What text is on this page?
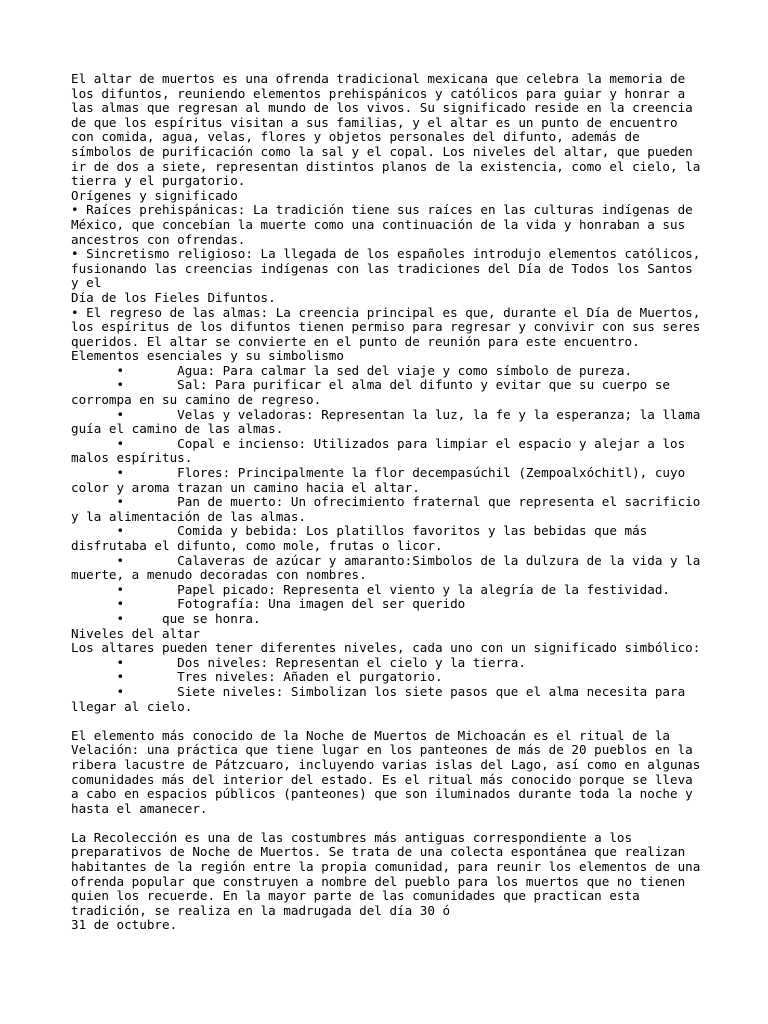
El altar de muertos es una ofrenda tradicional mexicana que celebra la memoria de
los difuntos, reuniendo elementos prehispánicos y católicos para guiar y honrar a
las almas que regresan al mundo de los vivos. Su significado reside en la creencia
de que los espíritus visitan a sus familias, y el altar es un punto de encuentro
con comida, agua, velas, flores y objetos personales del difunto, además de
símbolos de purificación como la sal y el copal. Los niveles del altar, que pueden
ir de dos a siete, representan distintos planos de la existencia, como el cielo, la
tierra y el purgatorio.
Orígenes y significado
• Raíces prehispánicas: La tradición tiene sus raíces en las culturas indígenas de
México, que concebían la muerte como una continuación de la vida y honraban a sus
ancestros con ofrendas.
• Sincretismo religioso: La llegada de los españoles introdujo elementos católicos,
fusionando las creencias indígenas con las tradiciones del Día de Todos los Santos
y el
Día de los Fieles Difuntos.
• El regreso de las almas: La creencia principal es que, durante el Día de Muertos,
los espíritus de los difuntos tienen permiso para regresar y convivir con sus seres
queridos. El altar se convierte en el punto de reunión para este encuentro.
Elementos esenciales y su simbolismo
•       Agua: Para calmar la sed del viaje y como símbolo de pureza.
•       Sal: Para purificar el alma del difunto y evitar que su cuerpo se
corrompa en su camino de regreso.
•       Velas y veladoras: Representan la luz, la fe y la esperanza; la llama
guía el camino de las almas.
•       Copal e incienso: Utilizados para limpiar el espacio y alejar a los
malos espíritus.
•       Flores: Principalmente la flor decempasúchil (Zempoalxóchitl), cuyo
color y aroma trazan un camino hacia el altar.
•       Pan de muerto: Un ofrecimiento fraternal que representa el sacrificio
y la alimentación de las almas.
•       Comida y bebida: Los platillos favoritos y las bebidas que más
disfrutaba el difunto, como mole, frutas o licor.
•       Calaveras de azúcar y amaranto:Simbolos de la dulzura de la vida y la
muerte, a menudo decoradas con nombres.
•       Papel picado: Representa el viento y la alegría de la festividad.
•       Fotografía: Una imagen del ser querido
•     que se honra.
Niveles del altar
Los altares pueden tener diferentes niveles, cada uno con un significado simbólico:
•       Dos niveles: Representan el cielo y la tierra.
•       Tres niveles: Añaden el purgatorio.
•       Siete niveles: Simbolizan los siete pasos que el alma necesita para
llegar al cielo.
El elemento más conocido de la Noche de Muertos de Michoacán es el ritual de la
Velación: una práctica que tiene lugar en los panteones de más de 20 pueblos en la
ribera lacustre de Pátzcuaro, incluyendo varias islas del Lago, así como en algunas
comunidades más del interior del estado. Es el ritual más conocido porque se lleva
a cabo en espacios públicos (panteones) que son iluminados durante toda la noche y
hasta el amanecer.
La Recolección es una de las costumbres más antiguas correspondiente a los
preparativos de Noche de Muertos. Se trata de una colecta espontánea que realizan
habitantes de la región entre la propia comunidad, para reunir los elementos de una
ofrenda popular que construyen a nombre del pueblo para los muertos que no tienen
quien los recuerde. En la mayor parte de las comunidades que practican esta
tradición, se realiza en la madrugada del día 30 ó
31 de octubre.
